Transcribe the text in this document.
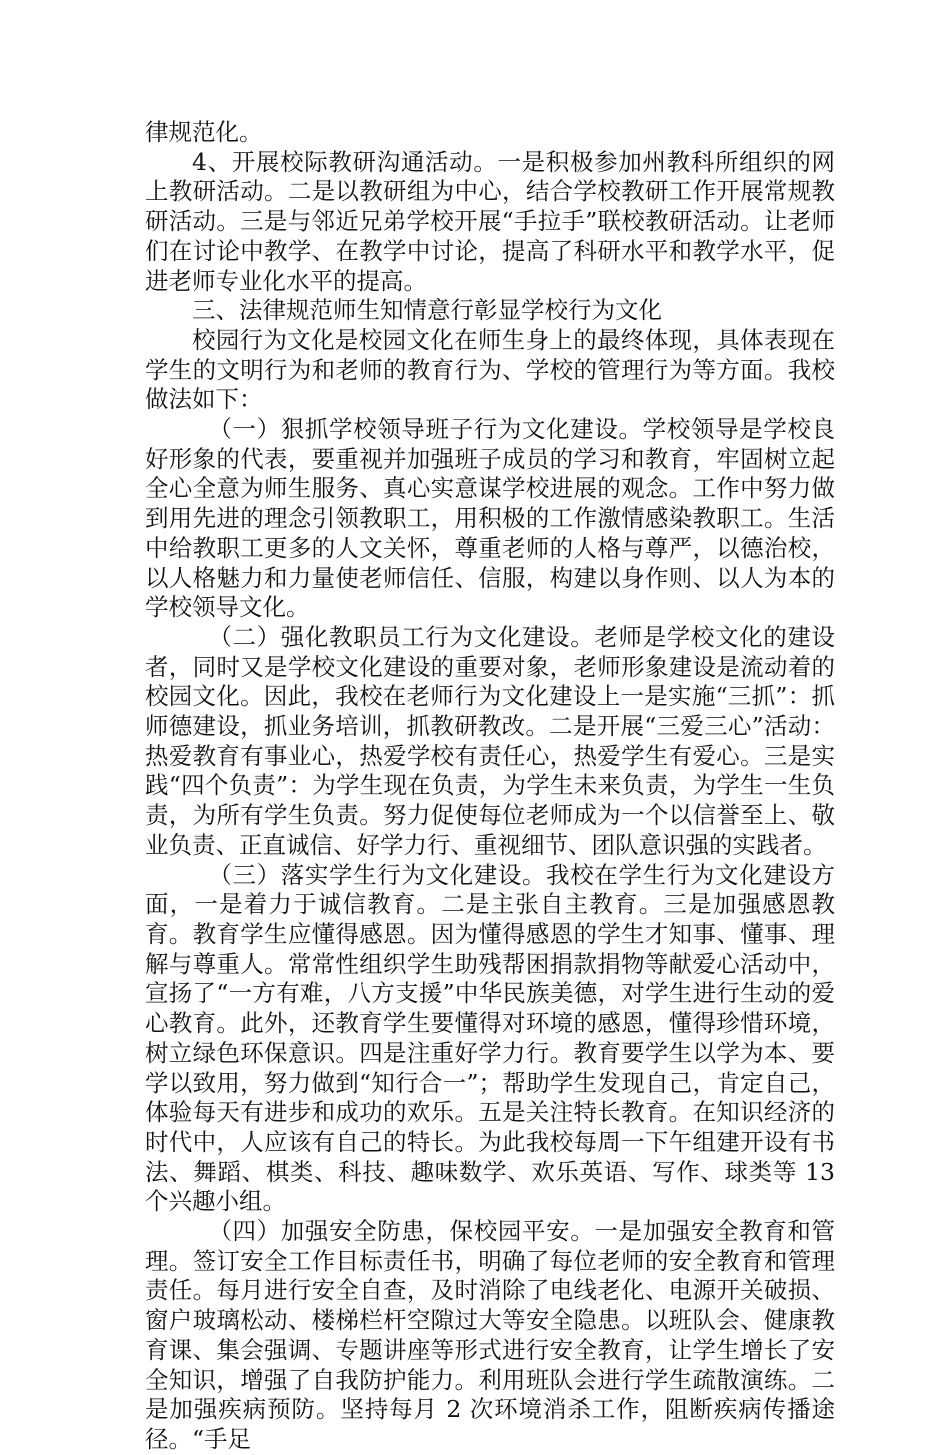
律规范化。

4、开展校际教研沟通活动。一是积极参加州教科所组织的网上教研活动。二是以教研组为中心，结合学校教研工作开展常规教研活动。三是与邻近兄弟学校开展“手拉手”联校教研活动。让老师们在讨论中教学、在教学中讨论，提高了科研水平和教学水平，促进老师专业化水平的提高。

三、法律规范师生知情意行彰显学校行为文化

校园行为文化是校园文化在师生身上的最终体现，具体表现在学生的文明行为和老师的教育行为、学校的管理行为等方面。我校做法如下：

（一）狠抓学校领导班子行为文化建设。学校领导是学校良好形象的代表，要重视并加强班子成员的学习和教育，牢固树立起全心全意为师生服务、真心实意谋学校进展的观念。工作中努力做到用先进的理念引领教职工，用积极的工作激情感染教职工。生活中给教职工更多的人文关怀，尊重老师的人格与尊严，以德治校，以人格魅力和力量使老师信任、信服，构建以身作则、以人为本的学校领导文化。

（二）强化教职员工行为文化建设。老师是学校文化的建设者，同时又是学校文化建设的重要对象，老师形象建设是流动着的校园文化。因此，我校在老师行为文化建设上一是实施“三抓”：抓师德建设，抓业务培训，抓教研教改。二是开展“三爱三心”活动：热爱教育有事业心，热爱学校有责任心，热爱学生有爱心。三是实践“四个负责”：为学生现在负责，为学生未来负责，为学生一生负责，为所有学生负责。努力促使每位老师成为一个以信誉至上、敬业负责、正直诚信、好学力行、重视细节、团队意识强的实践者。

（三）落实学生行为文化建设。我校在学生行为文化建设方面，一是着力于诚信教育。二是主张自主教育。三是加强感恩教育。教育学生应懂得感恩。因为懂得感恩的学生才知事、懂事、理解与尊重人。常常性组织学生助残帮困捐款捐物等献爱心活动中，宣扬了“一方有难，八方支援”中华民族美德，对学生进行生动的爱心教育。此外，还教育学生要懂得对环境的感恩，懂得珍惜环境，树立绿色环保意识。四是注重好学力行。教育要学生以学为本、要学以致用，努力做到“知行合一”；帮助学生发现自己，肯定自己，体验每天有进步和成功的欢乐。五是关注特长教育。在知识经济的时代中，人应该有自己的特长。为此我校每周一下午组建开设有书法、舞蹈、棋类、科技、趣味数学、欢乐英语、写作、球类等 13 个兴趣小组。

（四）加强安全防患，保校园平安。一是加强安全教育和管理。签订安全工作目标责任书，明确了每位老师的安全教育和管理责任。每月进行安全自查，及时消除了电线老化、电源开关破损、窗户玻璃松动、楼梯栏杆空隙过大等安全隐患。以班队会、健康教育课、集会强调、专题讲座等形式进行安全教育，让学生增长了安全知识，增强了自我防护能力。利用班队会进行学生疏散演练。二是加强疾病预防。坚持每月 2 次环境消杀工作，阻断疾病传播途径。“手足
